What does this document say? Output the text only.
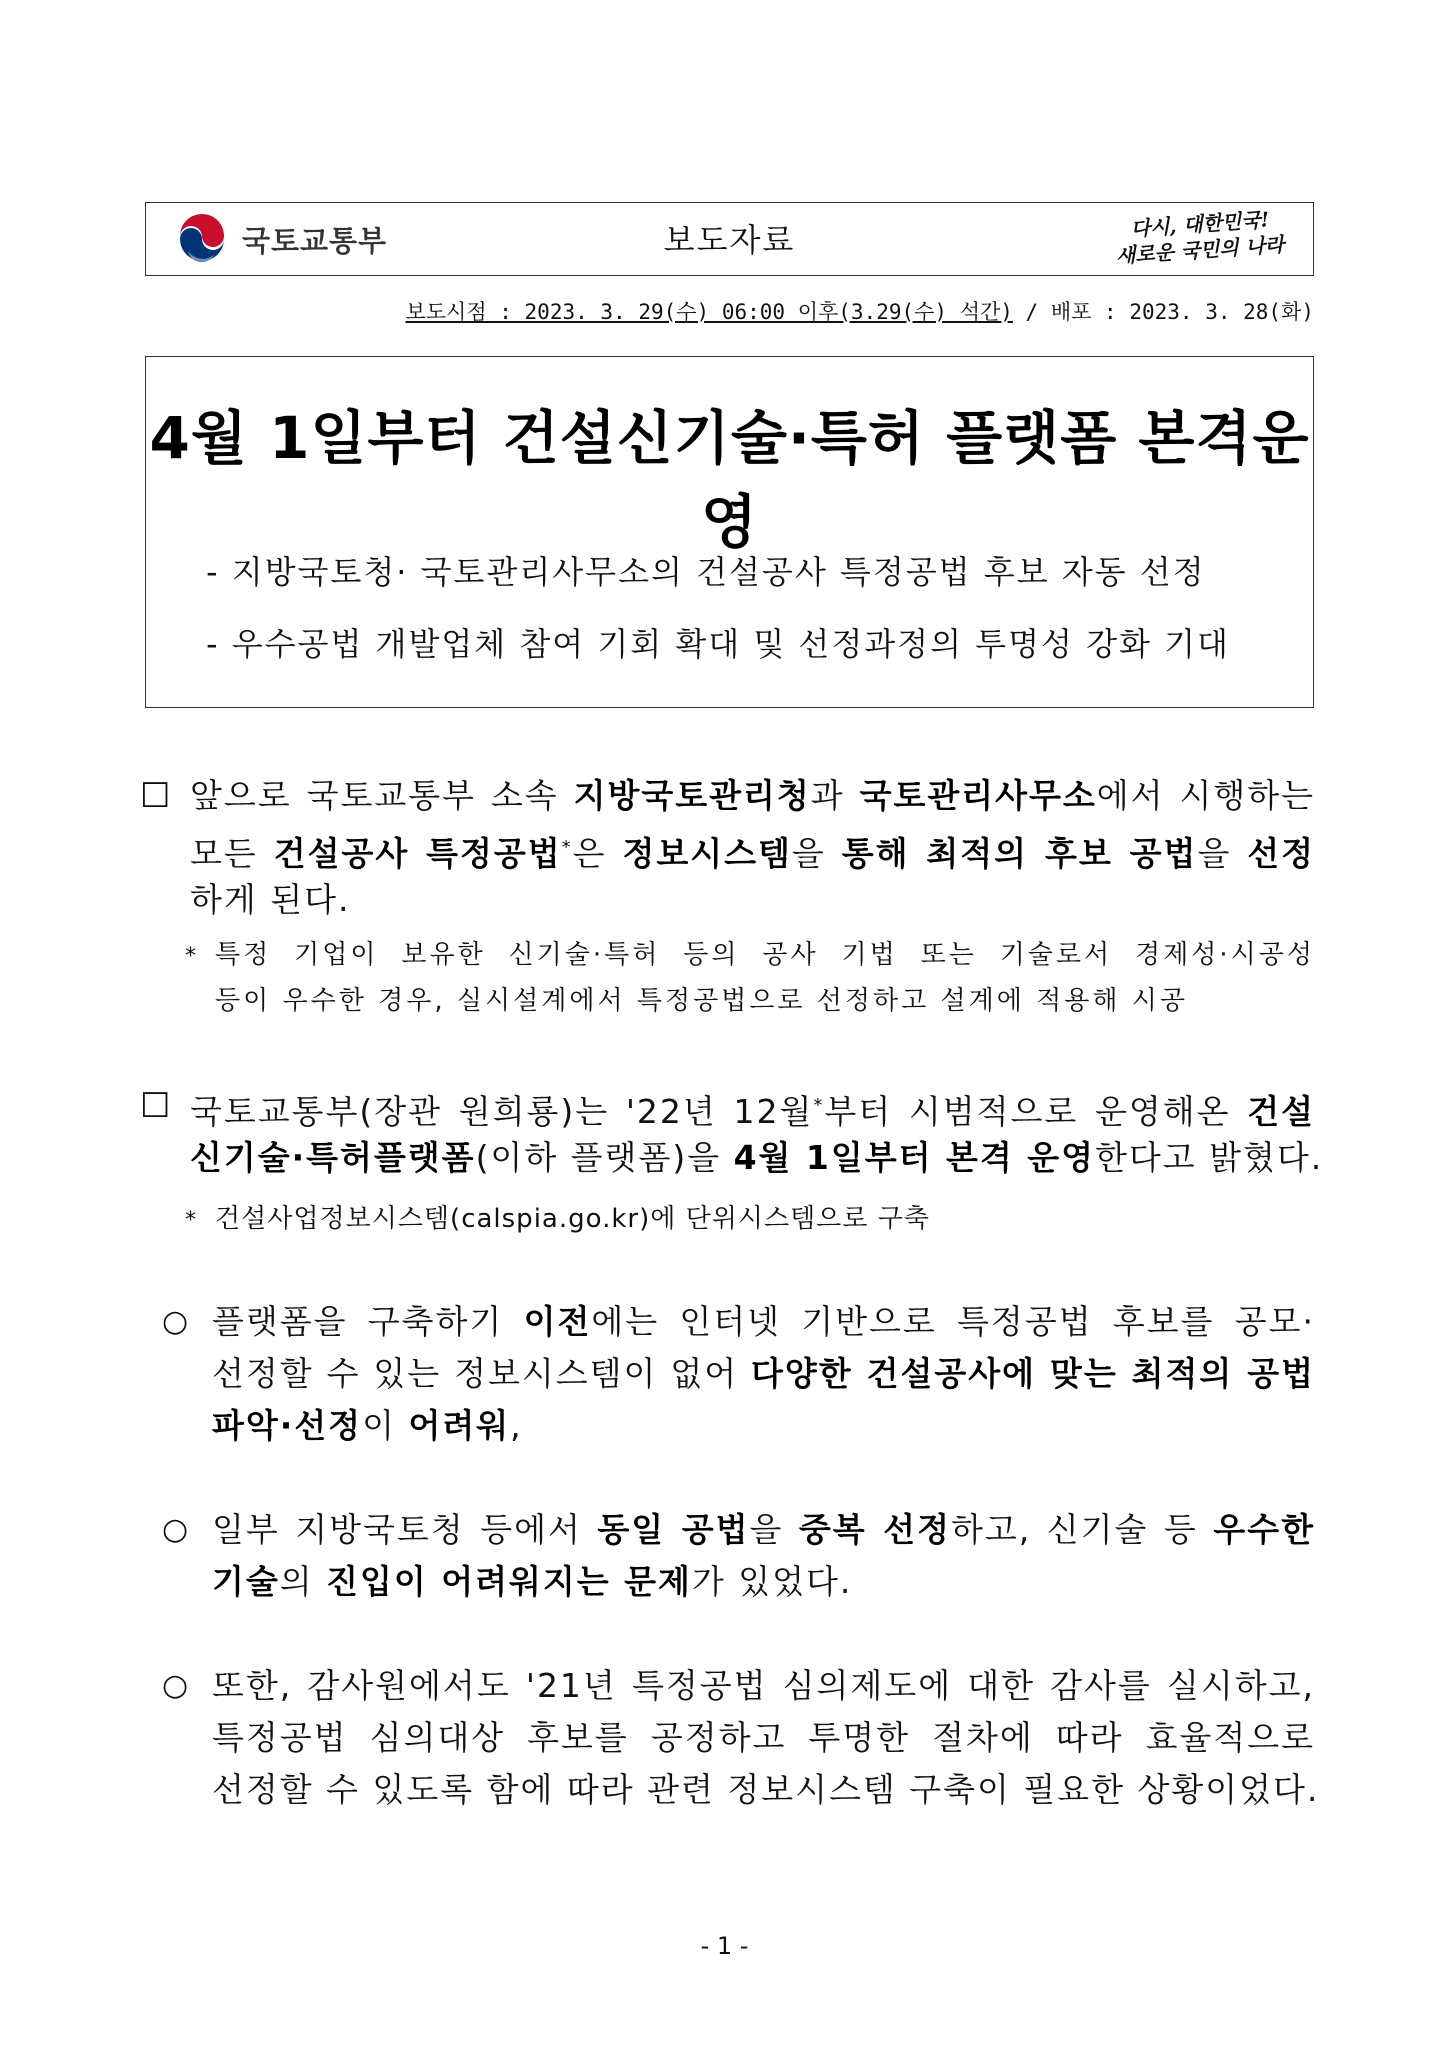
국토교통부	보도자료	다시, 대한민국!
새로운 국민의 나라
보도시점 : 2023. 3. 29(수) 06:00 이후(3.29(수) 석간) / 배포 : 2023. 3. 28(화)
4월 1일부터 건설신기술·특허 플랫폼 본격운영
- 지방국토청· 국토관리사무소의 건설공사 특정공법 후보 자동 선정
- 우수공법 개발업체 참여 기회 확대 및 선정과정의 투명성 강화 기대
☐ 앞으로 국토교통부 소속 지방국토관리청과 국토관리사무소에서 시행하는
모든 건설공사 특정공법*은 정보시스템을 통해 최적의 후보 공법을 선정
하게 된다.
* 특정 기업이 보유한 신기술·특허 등의 공사 기법 또는 기술로서 경제성·시공성
등이 우수한 경우, 실시설계에서 특정공법으로 선정하고 설계에 적용해 시공
☐ 국토교통부(장관 원희룡)는 '22년 12월*부터 시범적으로 운영해온 건설
신기술·특허플랫폼(이하 플랫폼)을 4월 1일부터 본격 운영한다고 밝혔다.
* 건설사업정보시스템(calspia.go.kr)에 단위시스템으로 구축
○ 플랫폼을 구축하기 이전에는 인터넷 기반으로 특정공법 후보를 공모·
선정할 수 있는 정보시스템이 없어 다양한 건설공사에 맞는 최적의 공법
파악·선정이 어려워,
○ 일부 지방국토청 등에서 동일 공법을 중복 선정하고, 신기술 등 우수한
기술의 진입이 어려워지는 문제가 있었다.
○ 또한, 감사원에서도 '21년 특정공법 심의제도에 대한 감사를 실시하고,
특정공법 심의대상 후보를 공정하고 투명한 절차에 따라 효율적으로
선정할 수 있도록 함에 따라 관련 정보시스템 구축이 필요한 상황이었다.
- 1 -
